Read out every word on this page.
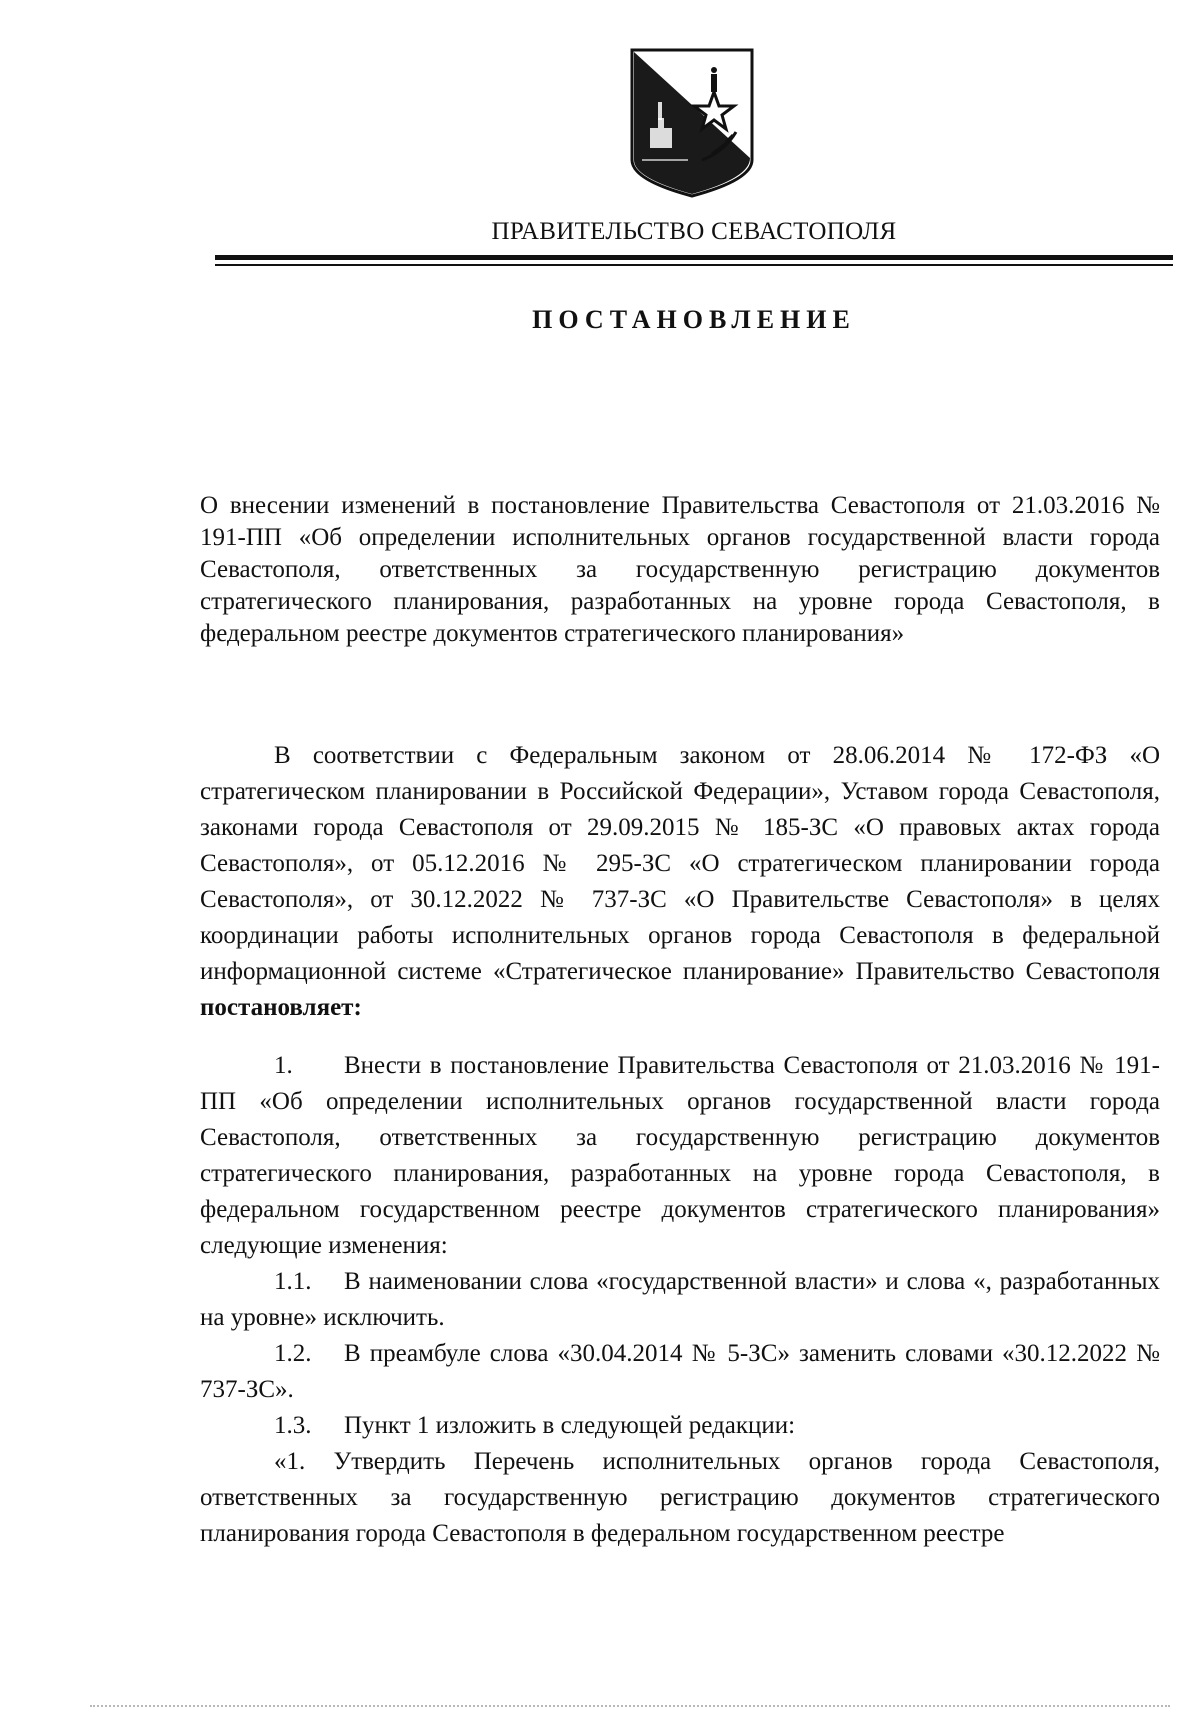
ПРАВИТЕЛЬСТВО СЕВАСТОПОЛЯ
ПОСТАНОВЛЕНИЕ
О внесении изменений в постановление Правительства Севастополя от 21.03.2016 № 191-ПП «Об определении исполнительных органов государственной власти города Севастополя, ответственных за государственную регистрацию документов стратегического планирования, разработанных на уровне города Севастополя, в федеральном реестре документов стратегического планирования»

В соответствии с Федеральным законом от 28.06.2014 № 172-ФЗ «О стратегическом планировании в Российской Федерации», Уставом города Севастополя, законами города Севастополя от 29.09.2015 № 185-ЗС «О правовых актах города Севастополя», от 05.12.2016 № 295-ЗС «О стратегическом планировании города Севастополя», от 30.12.2022 № 737-ЗС «О Правительстве Севастополя» в целях координации работы исполнительных органов города Севастополя в федеральной информационной системе «Стратегическое планирование» Правительство Севастополя постановляет:

1. Внести в постановление Правительства Севастополя от 21.03.2016 № 191-ПП «Об определении исполнительных органов государственной власти города Севастополя, ответственных за государственную регистрацию документов стратегического планирования, разработанных на уровне города Севастополя, в федеральном государственном реестре документов стратегического планирования» следующие изменения:

1.1. В наименовании слова «государственной власти» и слова «, разработанных на уровне» исключить.

1.2. В преамбуле слова «30.04.2014 № 5-ЗС» заменить словами «30.12.2022 № 737-ЗС».

1.3. Пункт 1 изложить в следующей редакции:

«1. Утвердить Перечень исполнительных органов города Севастополя, ответственных за государственную регистрацию документов стратегического планирования города Севастополя в федеральном государственном реестре
